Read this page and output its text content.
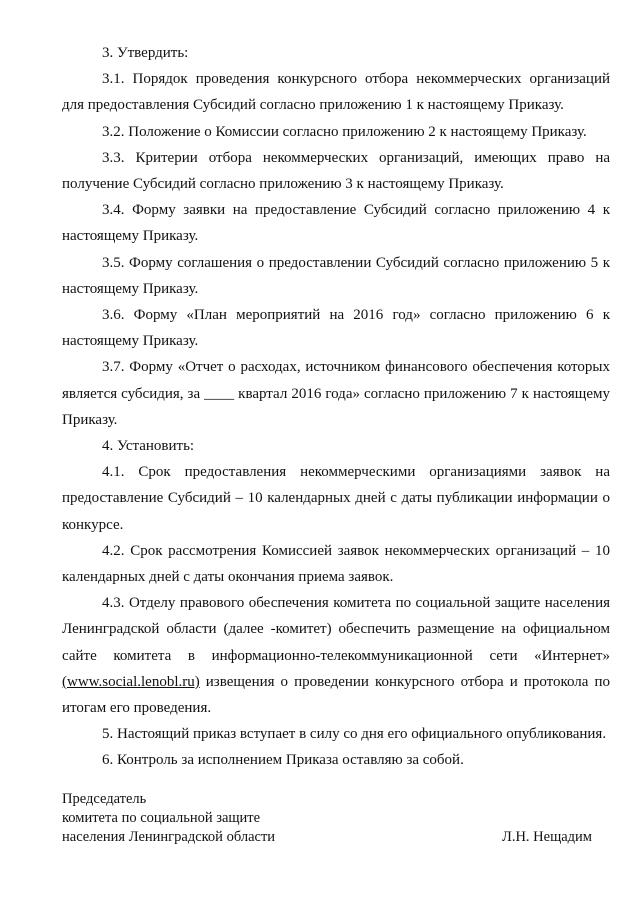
3. Утвердить:

3.1. Порядок проведения конкурсного отбора некоммерческих организаций для предоставления Субсидий согласно приложению 1 к настоящему Приказу.

3.2. Положение о Комиссии согласно приложению 2 к настоящему Приказу.

3.3. Критерии отбора некоммерческих организаций, имеющих право на получение Субсидий согласно приложению 3 к настоящему Приказу.

3.4. Форму заявки на предоставление Субсидий согласно приложению 4 к настоящему Приказу.

3.5. Форму соглашения о предоставлении Субсидий согласно приложению 5 к настоящему Приказу.

3.6. Форму «План мероприятий на 2016 год» согласно приложению 6 к настоящему Приказу.

3.7. Форму «Отчет о расходах, источником финансового обеспечения которых является субсидия, за ____ квартал 2016 года» согласно приложению 7 к настоящему Приказу.

4. Установить:

4.1. Срок предоставления некоммерческими организациями заявок на предоставление Субсидий – 10 календарных дней с даты публикации информации о конкурсе.

4.2. Срок рассмотрения Комиссией заявок некоммерческих организаций – 10 календарных дней с даты окончания приема заявок.

4.3. Отделу правового обеспечения комитета по социальной защите населения Ленинградской области (далее -комитет) обеспечить размещение на официальном сайте комитета в информационно-телекоммуникационной сети «Интернет» (www.social.lenobl.ru) извещения о проведении конкурсного отбора и протокола по итогам его проведения.

5. Настоящий приказ вступает в силу со дня его официального опубликования.

6. Контроль за исполнением Приказа оставляю за собой.

Председатель
комитета по социальной защите
населения Ленинградской области	Л.Н. Нещадим
